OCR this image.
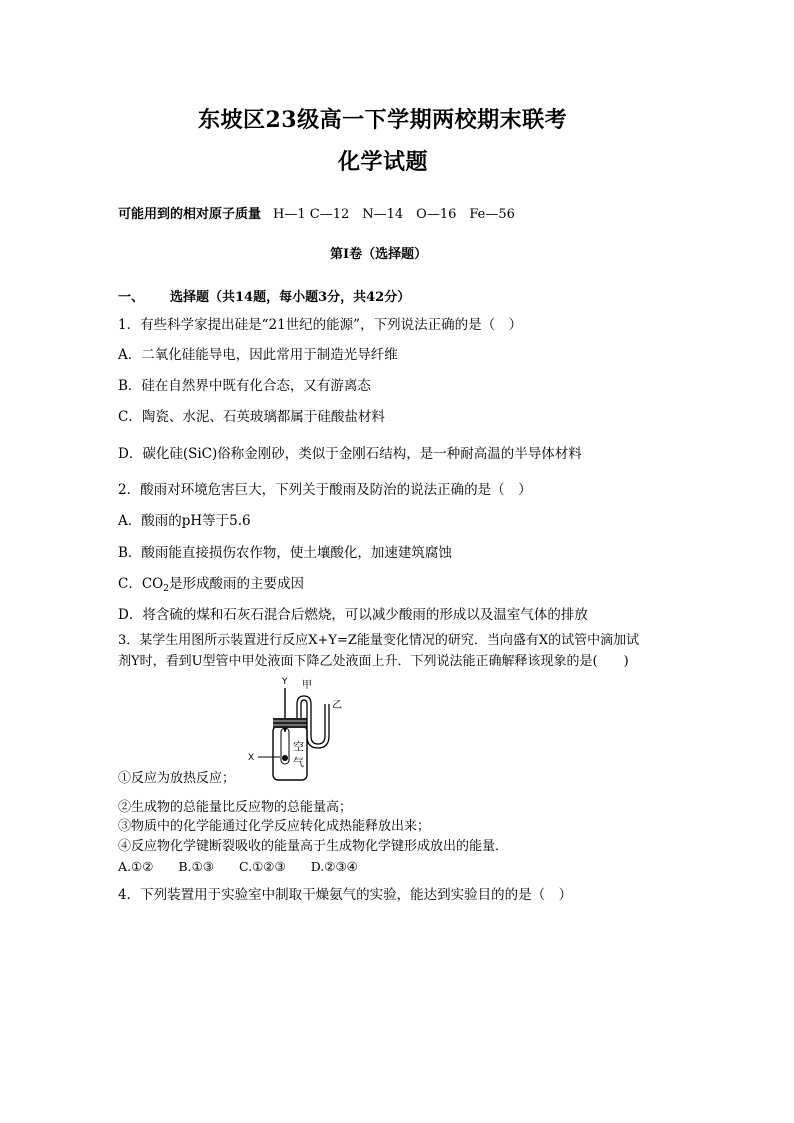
东坡区23级高一下学期两校期末联考
化学试题
可能用到的相对原子质量 H—1 C—12　N—14　O—16　Fe—56
第Ⅰ卷（选择题）
一、 选择题（共14题，每小题3分，共42分）
1．有些科学家提出硅是“21世纪的能源”，下列说法正确的是（　）
A．二氧化硅能导电，因此常用于制造光导纤维
B．硅在自然界中既有化合态，又有游离态
C．陶瓷、水泥、石英玻璃都属于硅酸盐材料
D．碳化硅(SiC)俗称金刚砂，类似于金刚石结构，是一种耐高温的半导体材料
2．酸雨对环境危害巨大，下列关于酸雨及防治的说法正确的是（　）
A．酸雨的pH等于5.6
B．酸雨能直接损伤农作物，使土壤酸化，加速建筑腐蚀
C．$CO_2$是形成酸雨的主要成因
D．将含硫的煤和石灰石混合后燃烧，可以减少酸雨的形成以及温室气体的排放
3．某学生用图所示装置进行反应X+Y=Z能量变化情况的研究．当向盛有X的试管中滴加试
剂Y时，看到U型管中甲处液面下降乙处液面上升．下列说法能正确解释该现象的是(　　)
Y
X
甲
乙
空
气
①反应为放热反应；
②生成物的总能量比反应物的总能量高；
③物质中的化学能通过化学反应转化成热能释放出来；
④反应物化学键断裂吸收的能量高于生成物化学键形成放出的能量．
A.①②　　B.①③　　C.①②③　　D.②③④
4．下列装置用于实验室中制取干燥氨气的实验，能达到实验目的的是（　）
